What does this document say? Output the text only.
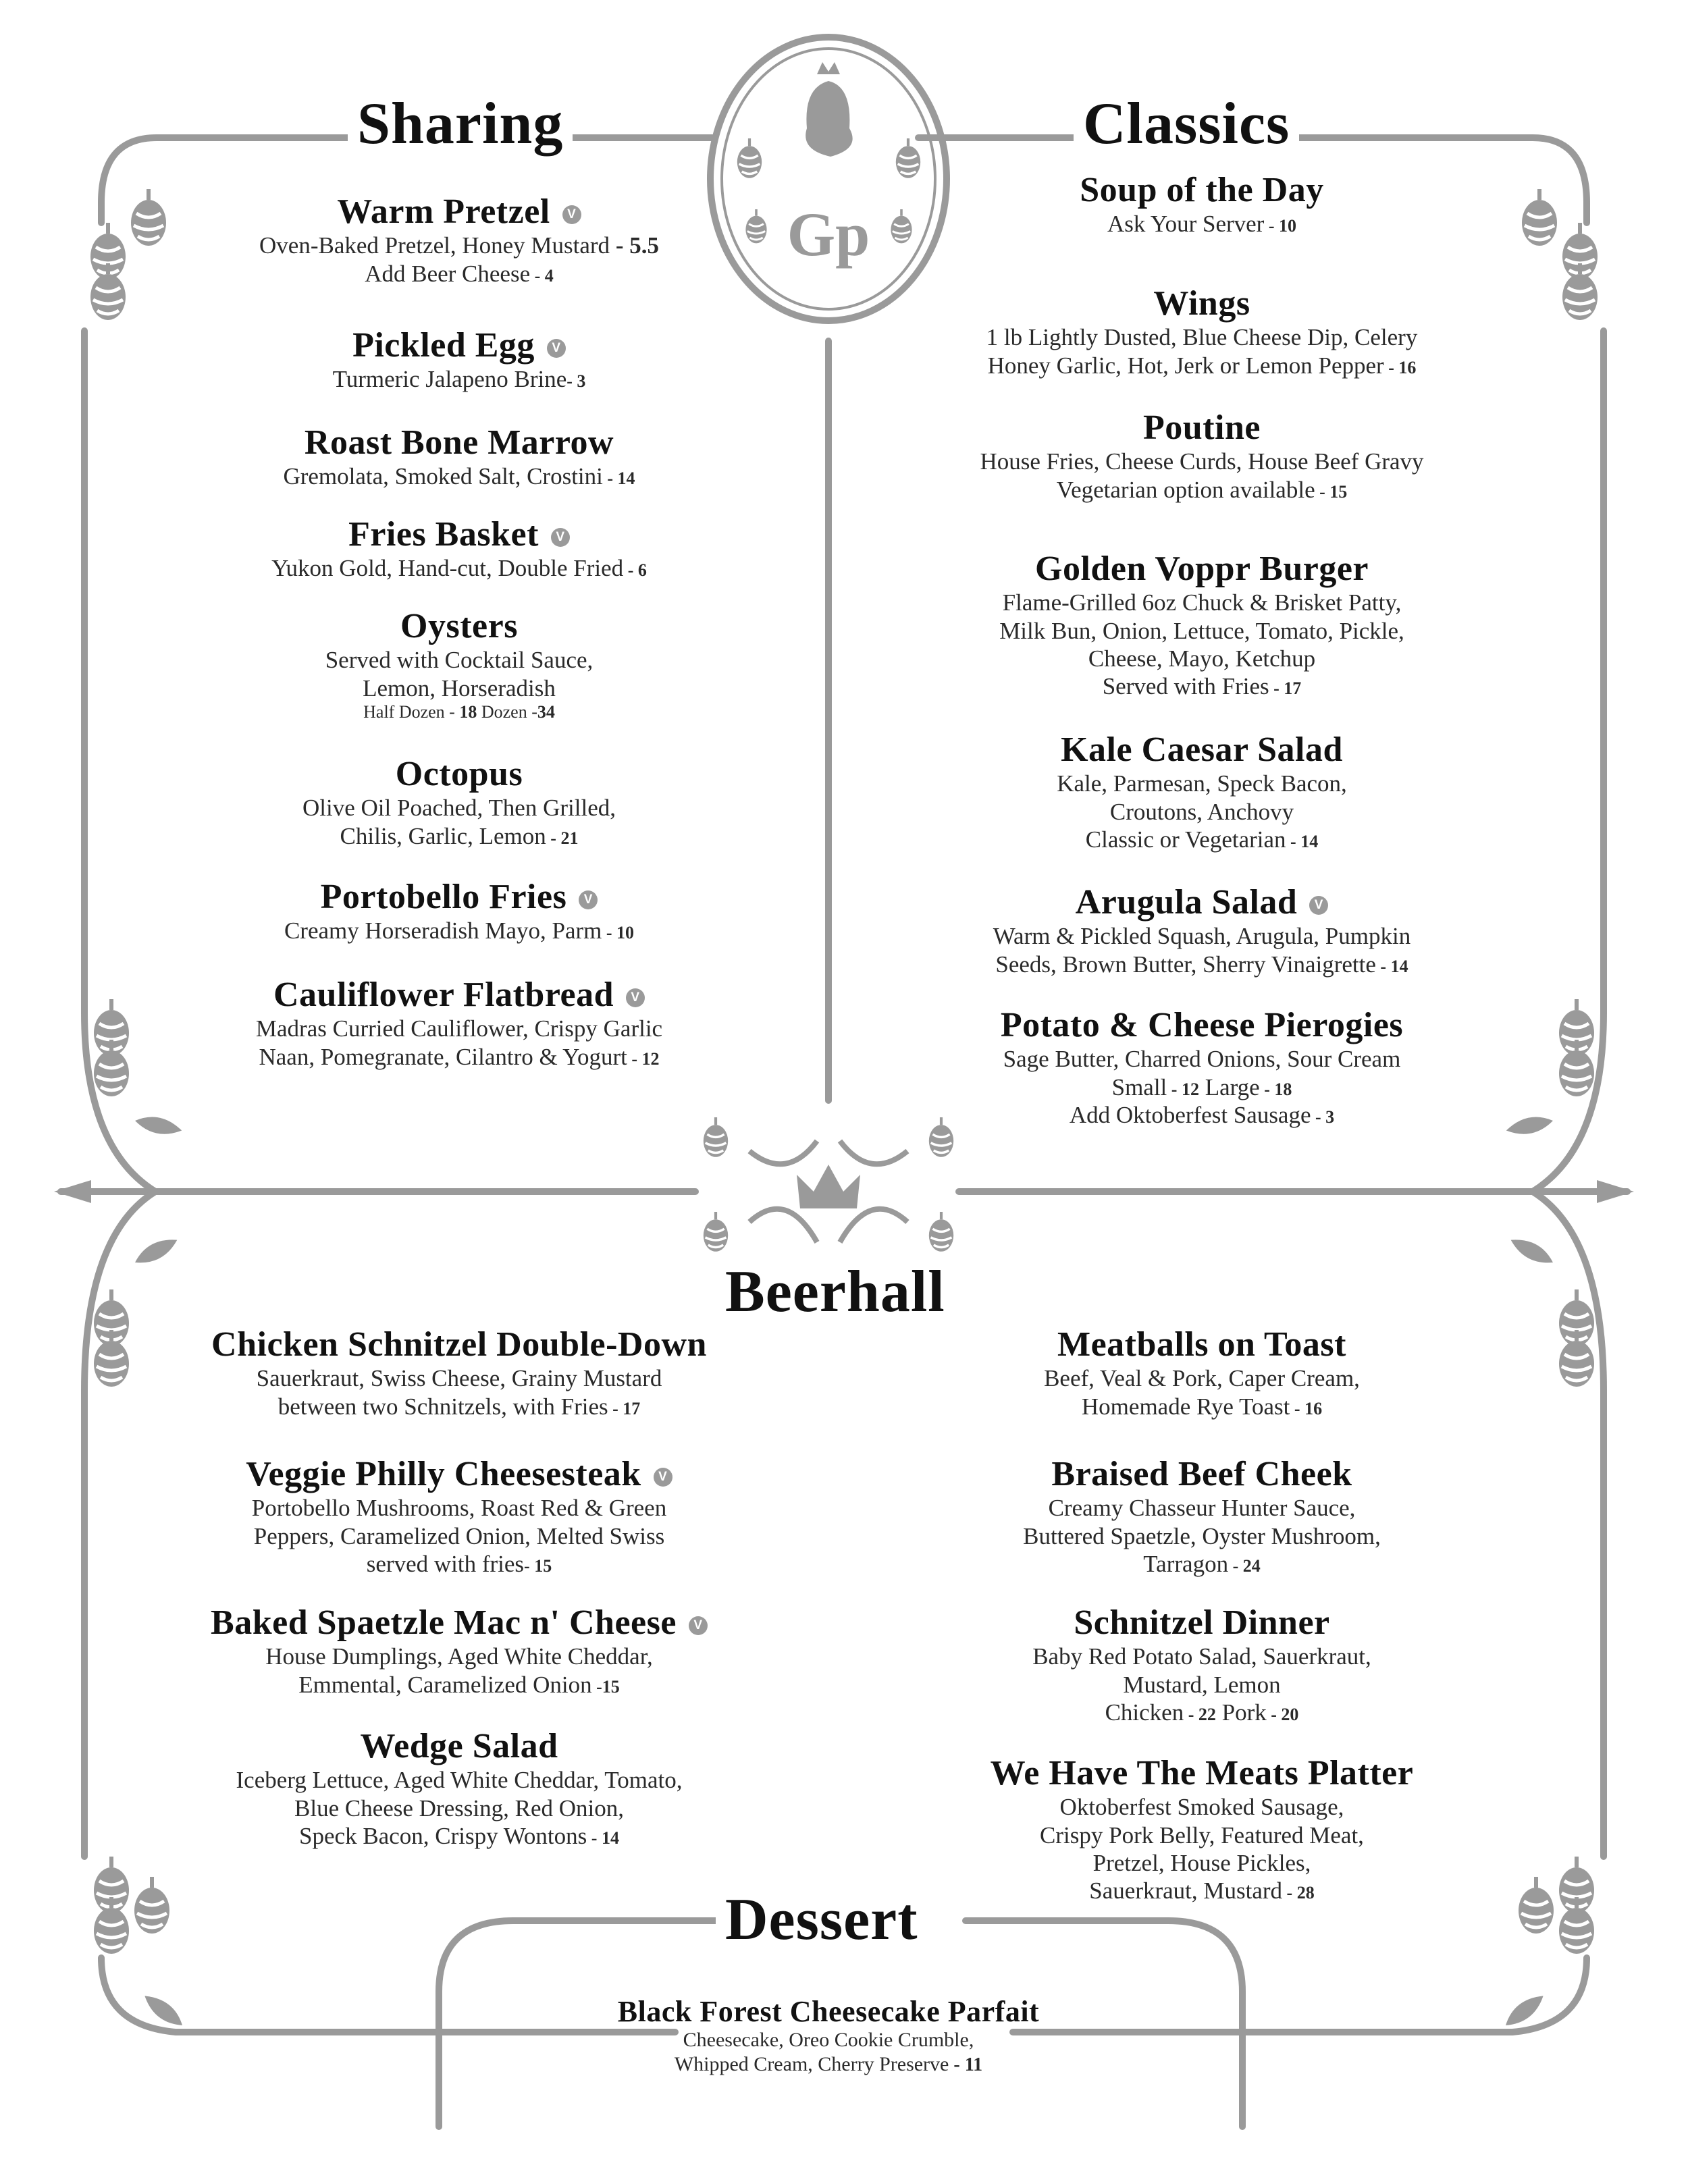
Gp
Sharing	Classics
Beerhall
Dessert
Warm Pretzel V
Oven-Baked Pretzel, Honey Mustard - 5.5
Add Beer Cheese - 4
Pickled Egg V
Turmeric Jalapeno Brine- 3
Roast Bone Marrow
Gremolata, Smoked Salt, Crostini - 14
Fries Basket V
Yukon Gold, Hand-cut, Double Fried - 6
Oysters
Served with Cocktail Sauce,
Lemon, Horseradish
Half Dozen - 18 Dozen -34
Octopus
Olive Oil Poached, Then Grilled,
Chilis, Garlic, Lemon - 21
Portobello Fries V
Creamy Horseradish Mayo, Parm - 10
Cauliflower Flatbread V
Madras Curried Cauliflower, Crispy Garlic
Naan, Pomegranate, Cilantro & Yogurt - 12
Soup of the Day
Ask Your Server - 10
Wings
1 lb Lightly Dusted, Blue Cheese Dip, Celery
Honey Garlic, Hot, Jerk or Lemon Pepper - 16
Poutine
House Fries, Cheese Curds, House Beef Gravy
Vegetarian option available - 15
Golden Voppr Burger
Flame-Grilled 6oz Chuck & Brisket Patty,
Milk Bun, Onion, Lettuce, Tomato, Pickle,
Cheese, Mayo, Ketchup
Served with Fries - 17
Kale Caesar Salad
Kale, Parmesan, Speck Bacon,
Croutons, Anchovy
Classic or Vegetarian - 14
Arugula Salad V
Warm & Pickled Squash, Arugula, Pumpkin
Seeds, Brown Butter, Sherry Vinaigrette - 14
Potato & Cheese Pierogies
Sage Butter, Charred Onions, Sour Cream
Small - 12 Large - 18
Add Oktoberfest Sausage - 3
Chicken Schnitzel Double-Down
Sauerkraut, Swiss Cheese, Grainy Mustard
between two Schnitzels, with Fries - 17
Veggie Philly Cheesesteak V
Portobello Mushrooms, Roast Red & Green
Peppers, Caramelized Onion, Melted Swiss
served with fries- 15
Baked Spaetzle Mac n' Cheese V
House Dumplings, Aged White Cheddar,
Emmental, Caramelized Onion -15
Wedge Salad
Iceberg Lettuce, Aged White Cheddar, Tomato,
Blue Cheese Dressing, Red Onion,
Speck Bacon, Crispy Wontons - 14
Meatballs on Toast
Beef, Veal & Pork, Caper Cream,
Homemade Rye Toast - 16
Braised Beef Cheek
Creamy Chasseur Hunter Sauce,
Buttered Spaetzle, Oyster Mushroom,
Tarragon - 24
Schnitzel Dinner
Baby Red Potato Salad, Sauerkraut,
Mustard, Lemon
Chicken - 22 Pork - 20
We Have The Meats Platter
Oktoberfest Smoked Sausage,
Crispy Pork Belly, Featured Meat,
Pretzel, House Pickles,
Sauerkraut, Mustard - 28
Black Forest Cheesecake Parfait
Cheesecake, Oreo Cookie Crumble,
Whipped Cream, Cherry Preserve - 11
